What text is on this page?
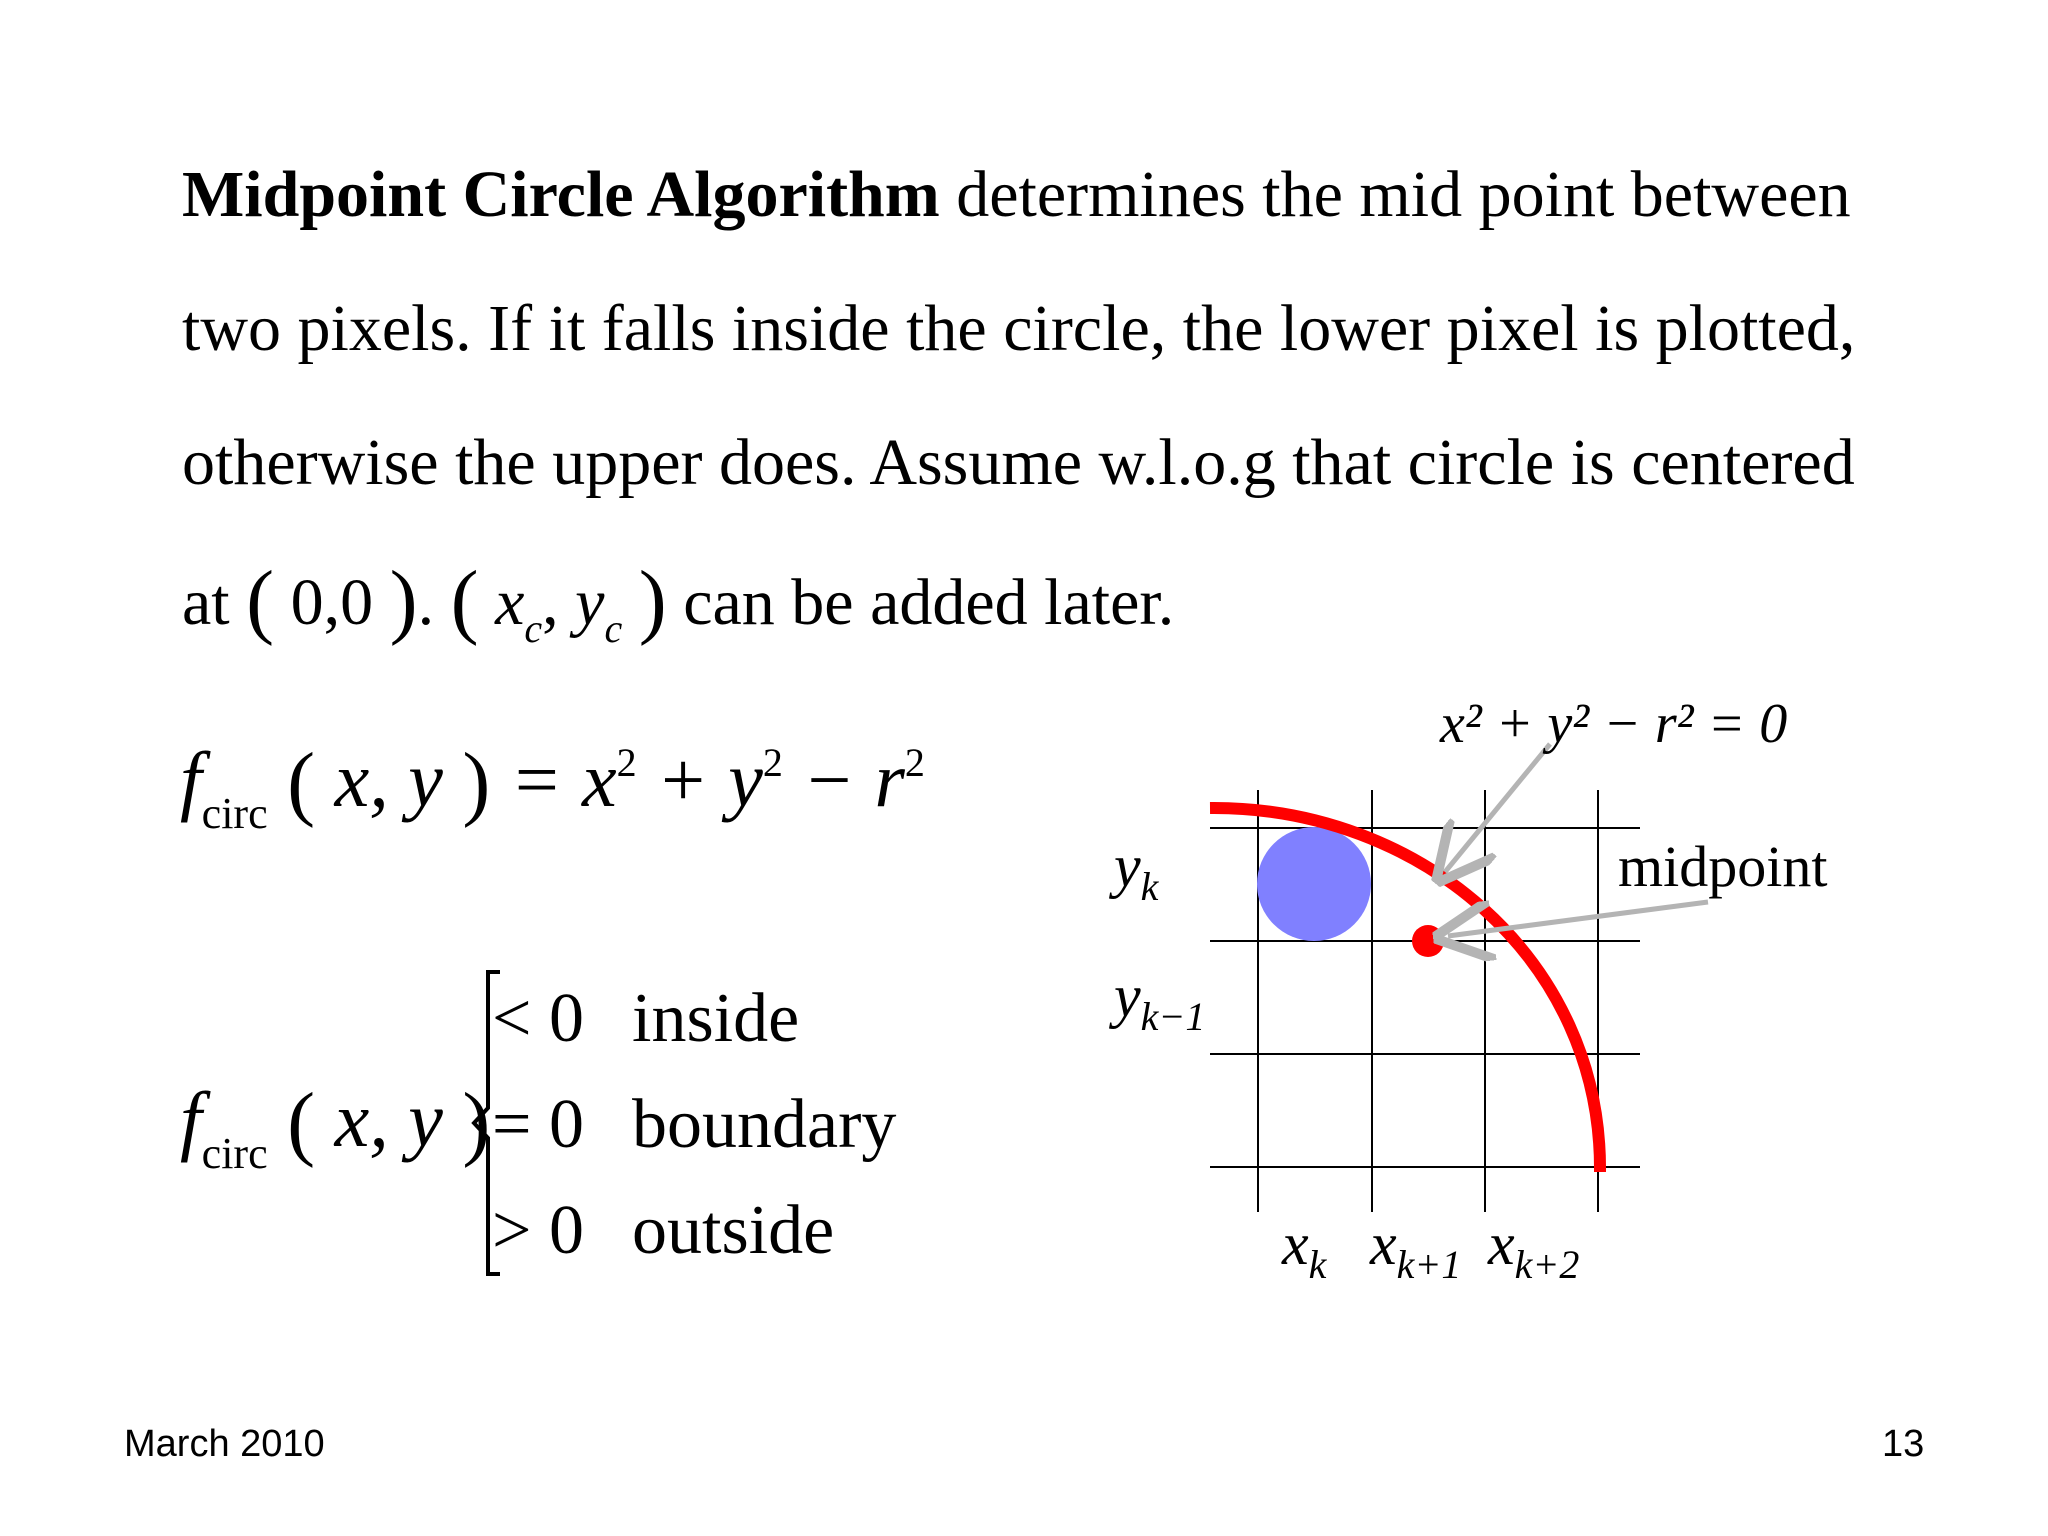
Midpoint Circle Algorithm determines the mid point between
two pixels. If it falls inside the circle, the lower pixel is plotted,
otherwise the upper does. Assume w.l.o.g that circle is centered
at ( 0,0 ). ( $x_c$, $y_c$ ) can be added later.
$f_{circ}$ ( x, y ) = $x^2 + y^2 - r^2$
$f_{circ}$ ( x, y )
< 0 inside
= 0 boundary
> 0 outside
x² + y² − r² = 0
midpoint
$y_k$
$y_{k-1}$
$x_k$ $x_{k+1}$ $x_{k+2}$
March 2010	13
